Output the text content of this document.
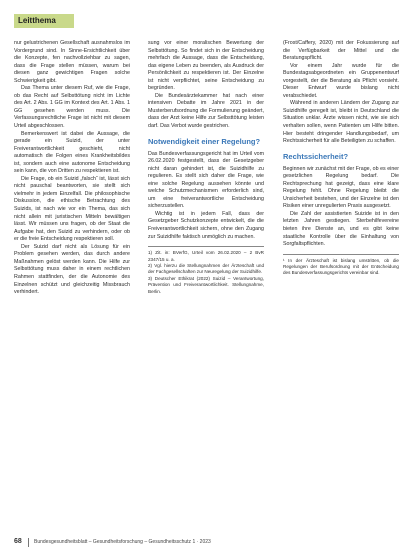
Leitthema

nur gelustrichenen Gesellschaft ausnahmslos im Vordergrund sind. In Sinne-Ersichtlichkeit über die Konzepte, fen nachvollziehbar zu sagen, dass die Frage stellen müssen, warum bei diesen ganz gewichtigen Fragen solche Schwierigkeit gibt.

Das Thema unter diesem Ruf, wie die Frage, ob das Recht auf Selbsttötung nicht im Lichte des Art. 2 Abs. 1 GG im Kontext des Art. 1 Abs. 1 GG gesehen werden muss. Die Verfassungsrechtliche Frage ist nicht mit diesem Urteil abgeschlossen.

Bemerkenswert ist dabei die Aussage, die gerade ein Suizid, der unter Freiverantwortlichkeit geschieht, nicht automatisch die Folgen eines Krankheitsbildes ist, sondern auch eine autonome Entscheidung sein kann, die von Dritten zu respektieren ist.

Die Frage, ob ein Suizid „falsch“ ist, lässt sich nicht pauschal beantworten, sie stellt sich vielmehr in jedem Einzelfall. Die philosophische Diskussion, die ethische Betrachtung des Suizids, ist nach wie vor ein Thema, das sich nicht allein mit juristischen Mitteln bewältigen lässt. Wir müssen uns fragen, ob der Staat die Aufgabe hat, den Suizid zu verhindern, oder ob er die freie Entscheidung respektieren soll.

Der Suizid darf nicht als Lösung für ein Problem gesehen werden, das durch andere Maßnahmen gelöst werden kann. Die Hilfe zur Selbsttötung muss daher in einem rechtlichen Rahmen stattfinden, der die Autonomie des Einzelnen schützt und gleichzeitig Missbrauch verhindert.

sung vor einer moralischen Bewertung der Selbsttötung. So findet sich in der Entscheidung mehrfach die Aussage, dass die Entscheidung, das eigene Leben zu beenden, als Ausdruck der Persönlichkeit zu respektieren ist. Der Einzelne ist nicht verpflichtet, seine Entscheidung zu begründen.

Die Bundesärztekammer hat nach einer intensiven Debatte im Jahre 2021 in der Musterberufsordnung die Formulierung geändert, dass der Arzt keine Hilfe zur Selbsttötung leisten darf. Das Verbot wurde gestrichen.

Notwendigkeit einer Regelung?

Das Bundesverfassungsgericht hat im Urteil vom 26.02.2020 festgestellt, dass der Gesetzgeber nicht daran gehindert ist, die Suizidhilfe zu regulieren. Es stellt sich daher die Frage, wie eine solche Regelung aussehen könnte und welche Schutzmechanismen erforderlich sind, um eine freiverantwortliche Entscheidung sicherzustellen.

Wichtig ist in jedem Fall, dass der Gesetzgeber Schutzkonzepte entwickelt, die die Freiverantwortlichkeit sichern, ohne den Zugang zur Suizidhilfe faktisch unmöglich zu machen.

1) Zit. in: BVerfG, Urteil vom 26.02.2020 – 2 BvR 2347/15 u. a.

2) Vgl. hierzu die Stellungnahmen der Ärzteschaft und der Fachgesellschaften zur Neuregelung der Suizidhilfe.

3) Deutscher Ethikrat (2022) Suizid – Verantwortung, Prävention und Freiverantwortlichkeit. Stellungnahme, Berlin.

(Frost/Caffery, 2020) mit der Fokussierung auf die Verfügbarkeit der Mittel und die Beratungspflicht.

Vor einem Jahr wurde für die Bundestagsabgeordneten ein Gruppenentwurf vorgestellt, der die Beratung als Pflicht vorsieht. Dieser Entwurf wurde bislang nicht verabschiedet.

Während in anderen Ländern der Zugang zur Suizidhilfe geregelt ist, bleibt in Deutschland die Situation unklar. Ärzte wissen nicht, wie sie sich verhalten sollen, wenn Patienten um Hilfe bitten. Hier besteht dringender Handlungsbedarf, um Rechtssicherheit für alle Beteiligten zu schaffen.

Rechtssicherheit?

Beginnen wir zunächst mit der Frage, ob es einer gesetzlichen Regelung bedarf. Die Rechtsprechung hat gezeigt, dass eine klare Regelung fehlt. Ohne Regelung bleibt die Unsicherheit bestehen, und der Einzelne ist den Risiken einer unregulierten Praxis ausgesetzt.

Die Zahl der assistierten Suizide ist in den letzten Jahren gestiegen. Sterbehilfevereine bieten ihre Dienste an, und es gibt keine staatliche Kontrolle über die Einhaltung von Sorgfaltspflichten.

¹ In der Ärzteschaft ist bislang umstritten, ob die Regelungen der Berufsordnung mit der Entscheidung des Bundesverfassungsgerichts vereinbar sind.

68 Bundesgesundheitsblatt – Gesundheitsforschung – Gesundheitsschutz 1 · 2023
